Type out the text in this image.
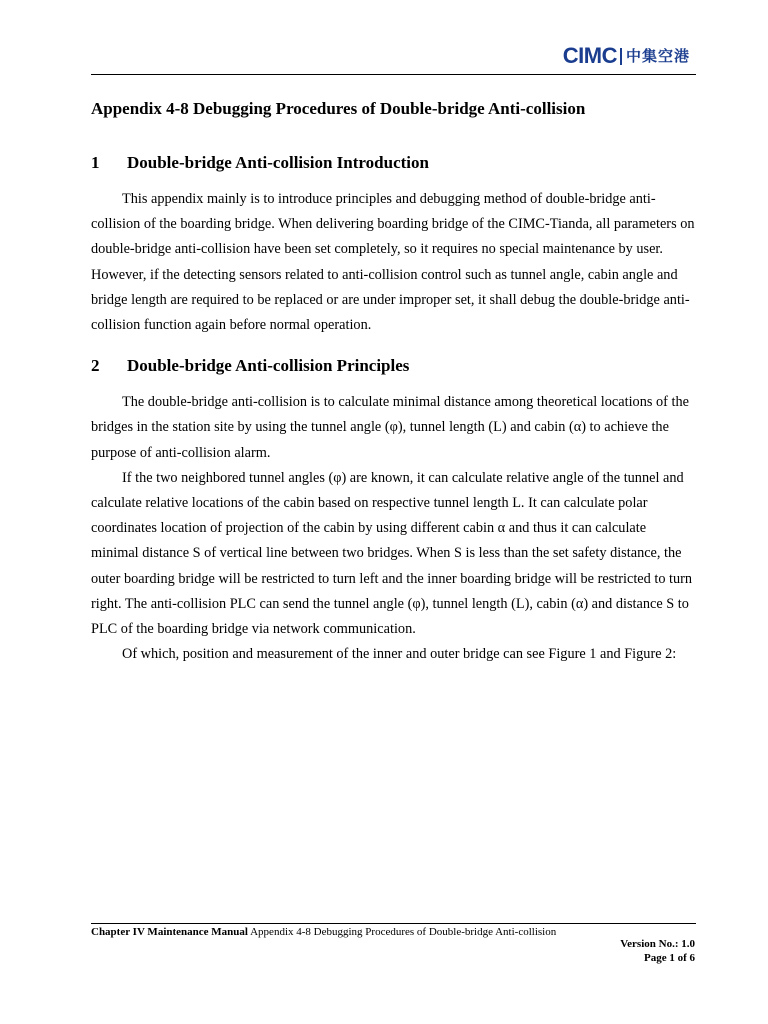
CIMC 中集空港
Appendix 4-8 Debugging Procedures of Double-bridge Anti-collision
1	Double-bridge Anti-collision Introduction

This appendix mainly is to introduce principles and debugging method of double-bridge anti-collision of the boarding bridge. When delivering boarding bridge of the CIMC-Tianda, all parameters on double-bridge anti-collision have been set completely, so it requires no special maintenance by user. However, if the detecting sensors related to anti-collision control such as tunnel angle, cabin angle and bridge length are required to be replaced or are under improper set, it shall debug the double-bridge anti-collision function again before normal operation.

2	Double-bridge Anti-collision Principles

The double-bridge anti-collision is to calculate minimal distance among theoretical locations of the bridges in the station site by using the tunnel angle (φ), tunnel length (L) and cabin (α) to achieve the purpose of anti-collision alarm.

If the two neighbored tunnel angles (φ) are known, it can calculate relative angle of the tunnel and calculate relative locations of the cabin based on respective tunnel length L. It can calculate polar coordinates location of projection of the cabin by using different cabin α and thus it can calculate minimal distance S of vertical line between two bridges. When S is less than the set safety distance, the outer boarding bridge will be restricted to turn left and the inner boarding bridge will be restricted to turn right. The anti-collision PLC can send the tunnel angle (φ), tunnel length (L), cabin (α) and distance S to PLC of the boarding bridge via network communication.

Of which, position and measurement of the inner and outer bridge can see Figure 1 and Figure 2:

Chapter IV Maintenance Manual Appendix 4-8 Debugging Procedures of Double-bridge Anti-collision
Version No.: 1.0
Page 1 of 6
